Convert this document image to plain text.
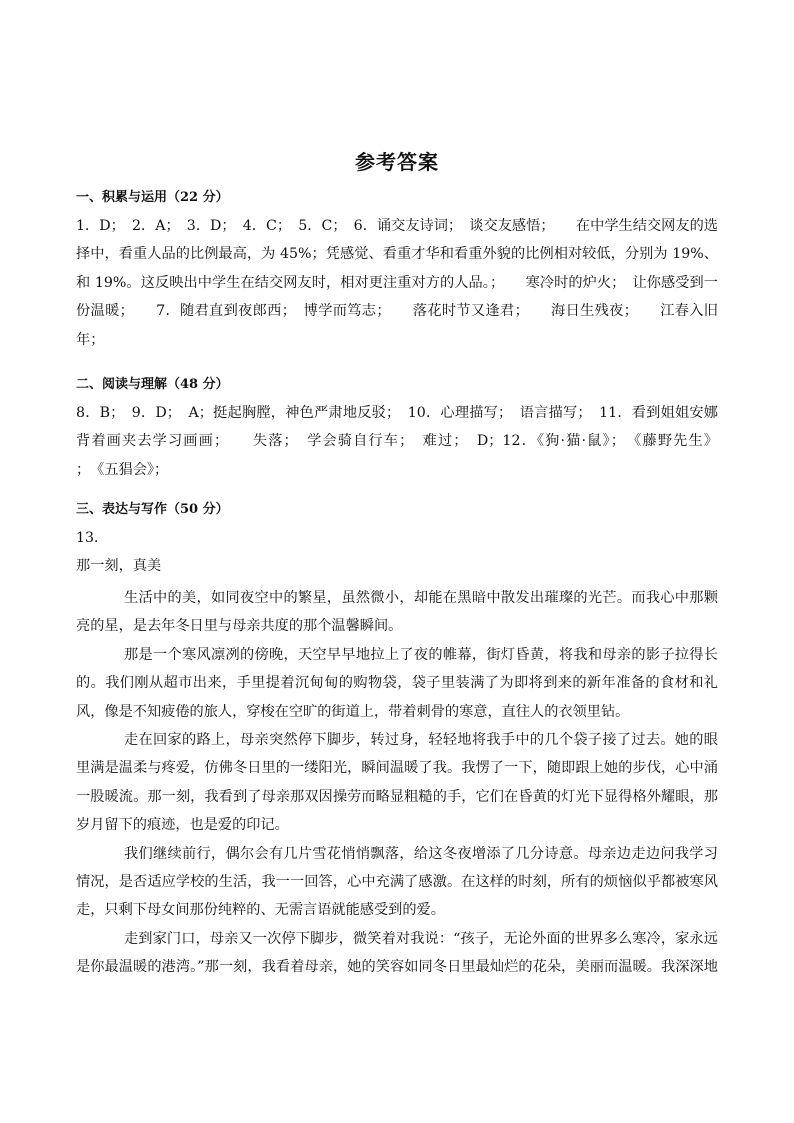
参考答案
一、积累与运用（22 分）
1．D；　2．A；　3．D；　4．C；　5．C；　6．诵交友诗词；　谈交友感悟；　　在中学生结交网友的选
择中，看重人品的比例最高，为 45%；凭感觉、看重才华和看重外貌的比例相对较低，分别为 19%、
和 19%。这反映出中学生在结交网友时，相对更注重对方的人品。；　　寒冷时的炉火；　让你感受到一
份温暖；　　7．随君直到夜郎西；　博学而笃志；　　落花时节又逢君；　　海日生残夜；　　江春入旧
年；
二、阅读与理解（48 分）
8．B；　9．D；　A；挺起胸膛，神色严肃地反驳；　10．心理描写；　语言描写；　11．看到姐姐安娜
背着画夹去学习画画；　　失落；　学会骑自行车；　难过；　D；12．《狗·猫·鼠》；　《藤野先生》
；　《五猖会》；
三、表达与写作（50 分）
13．
那一刻，真美
生活中的美，如同夜空中的繁星，虽然微小，却能在黑暗中散发出璀璨的光芒。而我心中那颗
亮的星，是去年冬日里与母亲共度的那个温馨瞬间。
那是一个寒风凛冽的傍晚，天空早早地拉上了夜的帷幕，街灯昏黄，将我和母亲的影子拉得长
的。我们刚从超市出来，手里提着沉甸甸的购物袋，袋子里装满了为即将到来的新年准备的食材和礼
风，像是不知疲倦的旅人，穿梭在空旷的街道上，带着刺骨的寒意，直往人的衣领里钻。
走在回家的路上，母亲突然停下脚步，转过身，轻轻地将我手中的几个袋子接了过去。她的眼
里满是温柔与疼爱，仿佛冬日里的一缕阳光，瞬间温暖了我。我愣了一下，随即跟上她的步伐，心中涌
一股暖流。那一刻，我看到了母亲那双因操劳而略显粗糙的手，它们在昏黄的灯光下显得格外耀眼，那
岁月留下的痕迹，也是爱的印记。
我们继续前行，偶尔会有几片雪花悄悄飘落，给这冬夜增添了几分诗意。母亲边走边问我学习
情况，是否适应学校的生活，我一一回答，心中充满了感激。在这样的时刻，所有的烦恼似乎都被寒风
走，只剩下母女间那份纯粹的、无需言语就能感受到的爱。
走到家门口，母亲又一次停下脚步，微笑着对我说：“孩子，无论外面的世界多么寒冷，家永远
是你最温暖的港湾。”那一刻，我看着母亲，她的笑容如同冬日里最灿烂的花朵，美丽而温暖。我深深地
